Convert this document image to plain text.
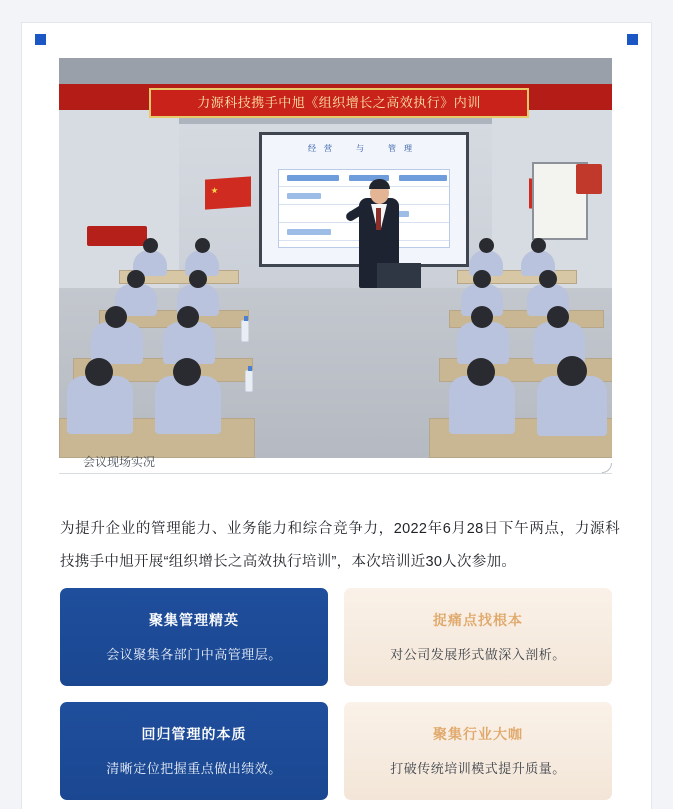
力源科技携手中旭《组织增长之高效执行》内训
经营　与　管理
会议现场实况

为提升企业的管理能力、业务能力和综合竞争力，2022年6月28日下午两点，力源科技携手中旭开展“组织增长之高效执行培训”，本次培训近30人次参加。

聚集管理精英
会议聚集各部门中高管理层。
捉痛点找根本
对公司发展形式做深入剖析。
回归管理的本质
清晰定位把握重点做出绩效。
聚集行业大咖
打破传统培训模式提升质量。
